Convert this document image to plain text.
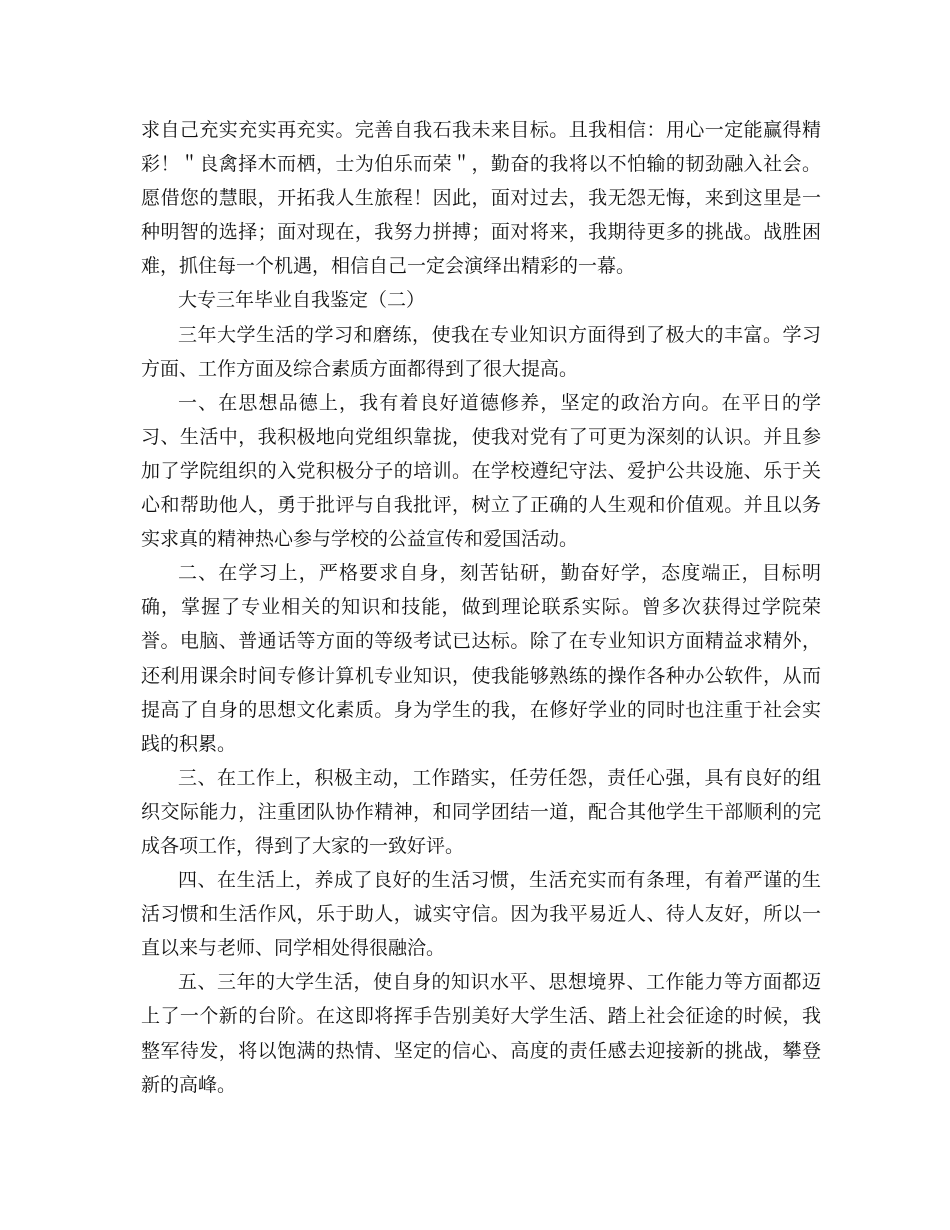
求自己充实充实再充实。完善自我石我未来目标。且我相信：用心一定能赢得精彩！＂良禽择木而栖，士为伯乐而荣＂，勤奋的我将以不怕输的韧劲融入社会。愿借您的慧眼，开拓我人生旅程！因此，面对过去，我无怨无悔，来到这里是一种明智的选择；面对现在，我努力拼搏；面对将来，我期待更多的挑战。战胜困难，抓住每一个机遇，相信自己一定会演绎出精彩的一幕。

大专三年毕业自我鉴定（二）

三年大学生活的学习和磨练，使我在专业知识方面得到了极大的丰富。学习方面、工作方面及综合素质方面都得到了很大提高。

一、在思想品德上，我有着良好道德修养，坚定的政治方向。在平日的学习、生活中，我积极地向党组织靠拢，使我对党有了可更为深刻的认识。并且参加了学院组织的入党积极分子的培训。在学校遵纪守法、爱护公共设施、乐于关心和帮助他人，勇于批评与自我批评，树立了正确的人生观和价值观。并且以务实求真的精神热心参与学校的公益宣传和爱国活动。

二、在学习上，严格要求自身，刻苦钻研，勤奋好学，态度端正，目标明确，掌握了专业相关的知识和技能，做到理论联系实际。曾多次获得过学院荣誉。电脑、普通话等方面的等级考试已达标。除了在专业知识方面精益求精外，还利用课余时间专修计算机专业知识，使我能够熟练的操作各种办公软件，从而提高了自身的思想文化素质。身为学生的我，在修好学业的同时也注重于社会实践的积累。

三、在工作上，积极主动，工作踏实，任劳任怨，责任心强，具有良好的组织交际能力，注重团队协作精神，和同学团结一道，配合其他学生干部顺利的完成各项工作，得到了大家的一致好评。

四、在生活上，养成了良好的生活习惯，生活充实而有条理，有着严谨的生活习惯和生活作风，乐于助人，诚实守信。因为我平易近人、待人友好，所以一直以来与老师、同学相处得很融洽。

五、三年的大学生活，使自身的知识水平、思想境界、工作能力等方面都迈上了一个新的台阶。在这即将挥手告别美好大学生活、踏上社会征途的时候，我整军待发，将以饱满的热情、坚定的信心、高度的责任感去迎接新的挑战，攀登新的高峰。
